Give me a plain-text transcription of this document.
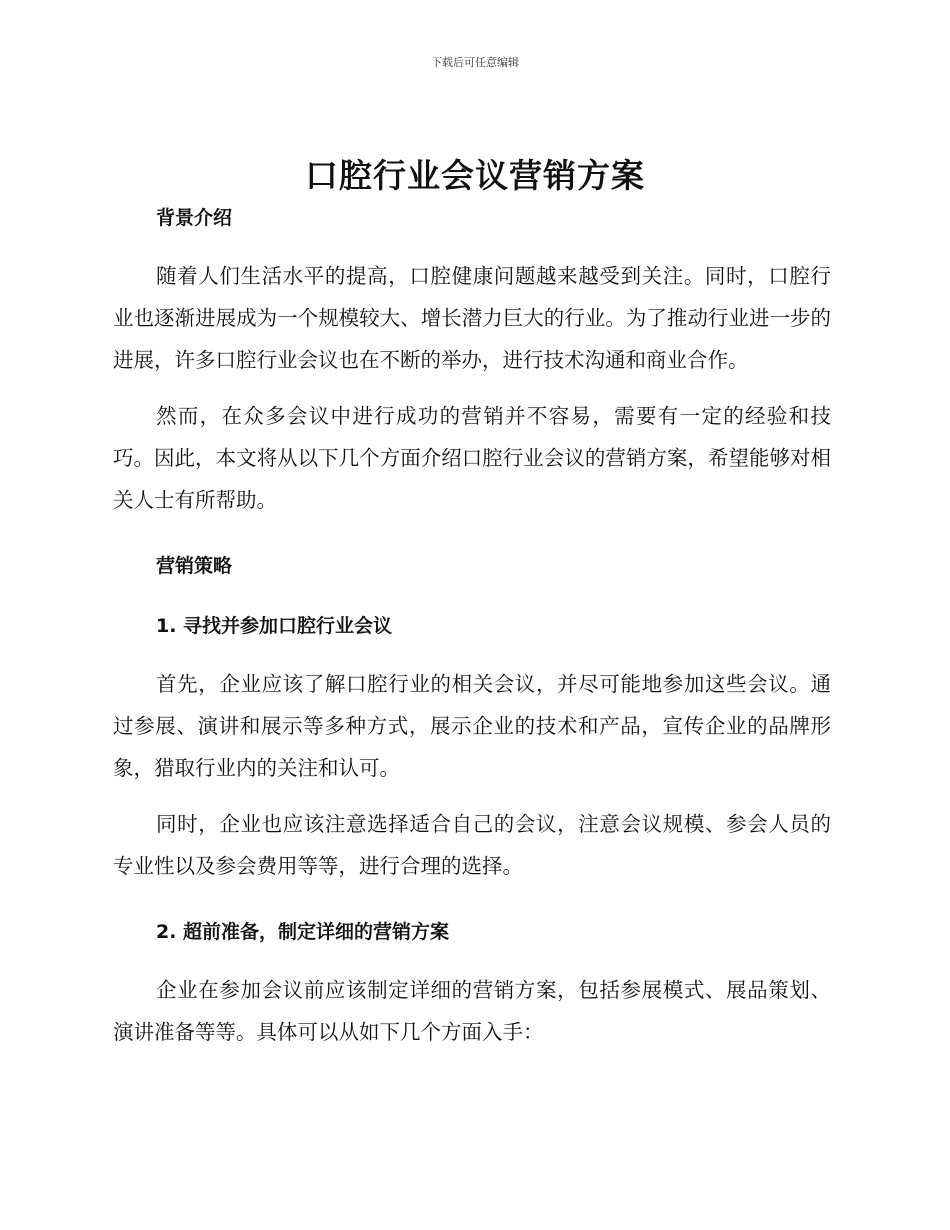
下载后可任意编辑
口腔行业会议营销方案

背景介绍

随着人们生活水平的提高，口腔健康问题越来越受到关注。同时，口腔行业也逐渐进展成为一个规模较大、增长潜力巨大的行业。为了推动行业进一步的进展，许多口腔行业会议也在不断的举办，进行技术沟通和商业合作。

然而，在众多会议中进行成功的营销并不容易，需要有一定的经验和技巧。因此，本文将从以下几个方面介绍口腔行业会议的营销方案，希望能够对相关人士有所帮助。

营销策略

1. 寻找并参加口腔行业会议

首先，企业应该了解口腔行业的相关会议，并尽可能地参加这些会议。通过参展、演讲和展示等多种方式，展示企业的技术和产品，宣传企业的品牌形象，猎取行业内的关注和认可。

同时，企业也应该注意选择适合自己的会议，注意会议规模、参会人员的专业性以及参会费用等等，进行合理的选择。

2. 超前准备，制定详细的营销方案

企业在参加会议前应该制定详细的营销方案，包括参展模式、展品策划、演讲准备等等。具体可以从如下几个方面入手：
